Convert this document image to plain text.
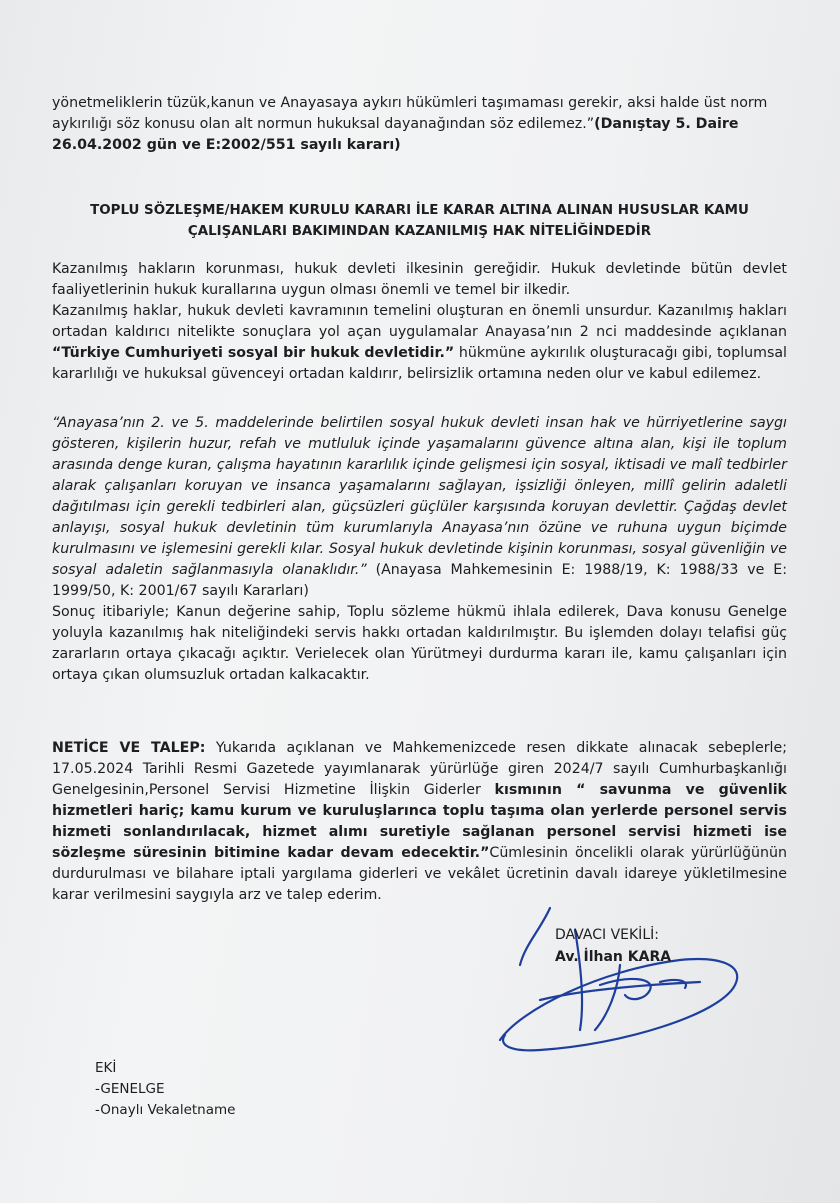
yönetmeliklerin tüzük,kanun ve Anayasaya aykırı hükümleri taşımaması gerekir, aksi halde üst norm
aykırılığı söz konusu olan alt normun hukuksal dayanağından söz edilemez.”(Danıştay 5. Daire
26.04.2002 gün ve E:2002/551 sayılı kararı)
TOPLU SÖZLEŞME/HAKEM KURULU KARARI İLE KARAR ALTINA ALINAN HUSUSLAR KAMU
ÇALIŞANLARI BAKIMINDAN KAZANILMIŞ HAK NİTELİĞİNDEDİR
Kazanılmış hakların korunması, hukuk devleti ilkesinin gereğidir. Hukuk devletinde bütün devlet faaliyetlerinin hukuk kurallarına uygun olması önemli ve temel bir ilkedir.
Kazanılmış haklar, hukuk devleti kavramının temelini oluşturan en önemli unsurdur. Kazanılmış hakları ortadan kaldırıcı nitelikte sonuçlara yol açan uygulamalar Anayasa’nın 2 nci maddesinde açıklanan “Türkiye Cumhuriyeti sosyal bir hukuk devletidir.” hükmüne aykırılık oluşturacağı gibi, toplumsal kararlılığı ve hukuksal güvenceyi ortadan kaldırır, belirsizlik ortamına neden olur ve kabul edilemez.
“Anayasa’nın 2. ve 5. maddelerinde belirtilen sosyal hukuk devleti insan hak ve hürriyetlerine saygı gösteren, kişilerin huzur, refah ve mutluluk içinde yaşamalarını güvence altına alan, kişi ile toplum arasında denge kuran, çalışma hayatının kararlılık içinde gelişmesi için sosyal, iktisadi ve malî tedbirler alarak çalışanları koruyan ve insanca yaşamalarını sağlayan, işsizliği önleyen, millî gelirin adaletli dağıtılması için gerekli tedbirleri alan, güçsüzleri güçlüler karşısında koruyan devlettir. Çağdaş devlet anlayışı, sosyal hukuk devletinin tüm kurumlarıyla Anayasa’nın özüne ve ruhuna uygun biçimde kurulmasını ve işlemesini gerekli kılar. Sosyal hukuk devletinde kişinin korunması, sosyal güvenliğin ve sosyal adaletin sağlanmasıyla olanaklıdır.” (Anayasa Mahkemesinin E: 1988/19, K: 1988/33 ve E: 1999/50, K: 2001/67 sayılı Kararları)
Sonuç itibariyle; Kanun değerine sahip, Toplu sözleme hükmü ihlala edilerek, Dava konusu Genelge yoluyla kazanılmış hak niteliğindeki servis hakkı ortadan kaldırılmıştır. Bu işlemden dolayı telafisi güç zararların ortaya çıkacağı açıktır. Verielecek olan Yürütmeyi durdurma kararı ile, kamu çalışanları için ortaya çıkan olumsuzluk ortadan kalkacaktır.
NETİCE VE TALEP: Yukarıda açıklanan ve Mahkemenizcede resen dikkate alınacak sebeplerle; 17.05.2024 Tarihli Resmi Gazetede yayımlanarak yürürlüğe giren 2024/7 sayılı Cumhurbaşkanlığı Genelgesinin,Personel Servisi Hizmetine İlişkin Giderler kısmının “ savunma ve güvenlik hizmetleri hariç; kamu kurum ve kuruluşlarınca toplu taşıma olan yerlerde personel servis hizmeti sonlandırılacak, hizmet alımı suretiyle sağlanan personel servisi hizmeti ise sözleşme süresinin bitimine kadar devam edecektir.”Cümlesinin öncelikli olarak yürürlüğünün durdurulması ve bilahare iptali yargılama giderleri ve vekâlet ücretinin davalı idareye yükletilmesine karar verilmesini saygıyla arz ve talep ederim.
DAVACI VEKİLİ:
Av. İlhan KARA
EKİ
-GENELGE
-Onaylı Vekaletname
